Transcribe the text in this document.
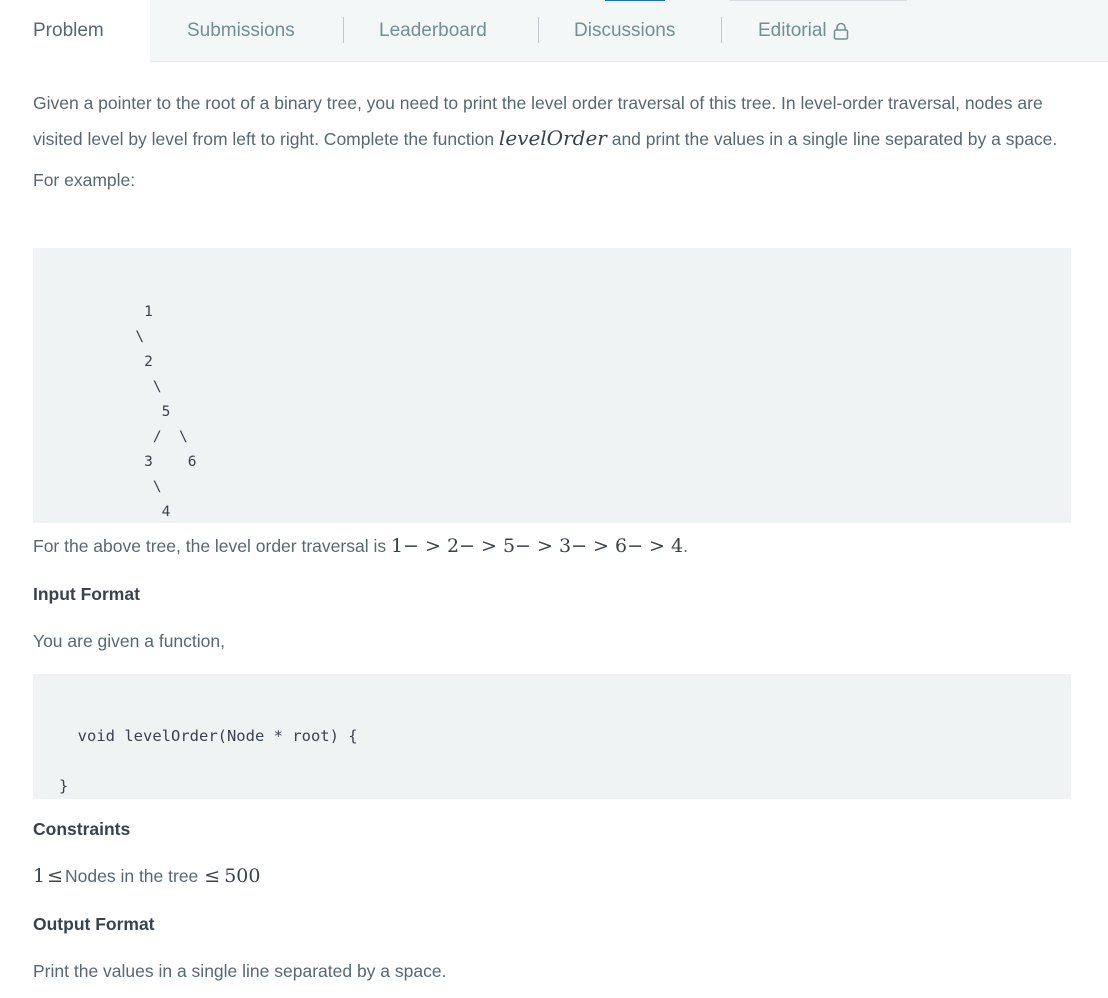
Problem	Submissions	Leaderboard	Discussions	Editorial

Given a pointer to the root of a binary tree, you need to print the level order traversal of this tree. In level-order traversal, nodes are visited level by level from left to right. Complete the function levelOrder and print the values in a single line separated by a space.

For example:

1
\
2
\
5
/  \
3    6
\
4

For the above tree, the level order traversal is 1− > 2− > 5− > 3− > 6− > 4.

Input Format

You are given a function,

void levelOrder(Node * root) {

}

Constraints

1 ≤ Nodes in the tree ≤ 500

Output Format

Print the values in a single line separated by a space.
